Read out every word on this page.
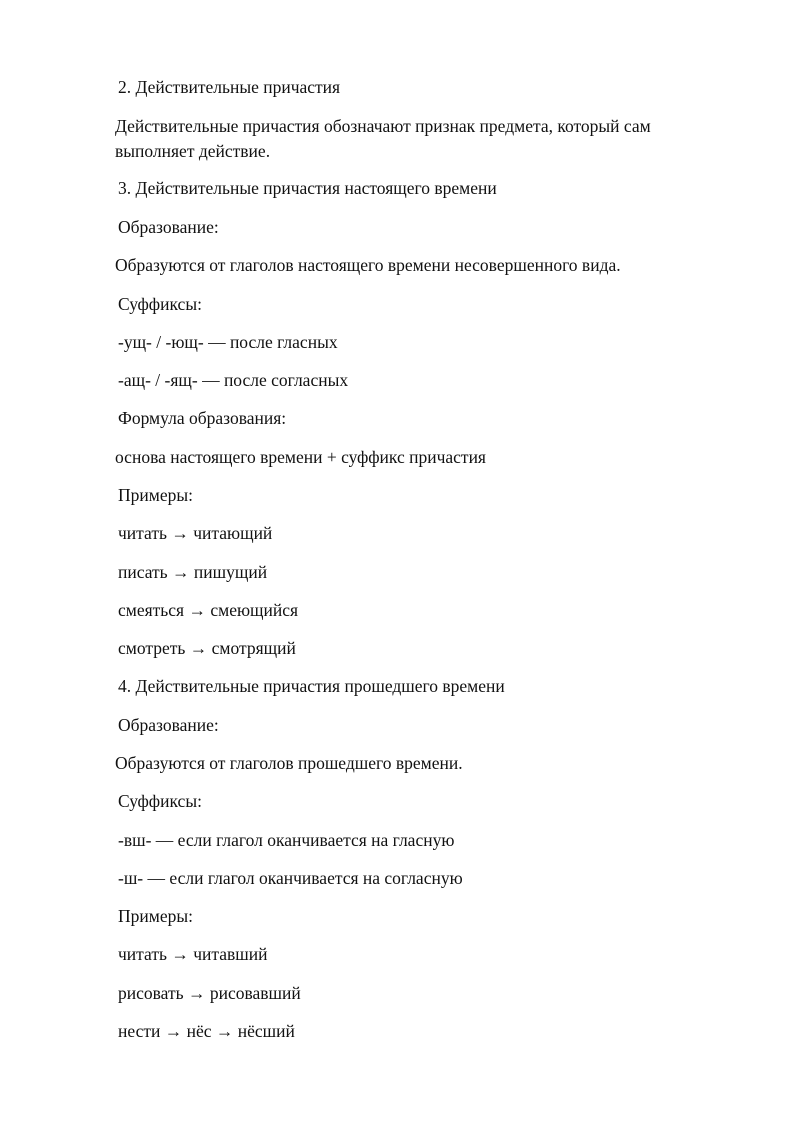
2. Действительные причастия
Действительные причастия обозначают признак предмета, который сам выполняет действие.
3. Действительные причастия настоящего времени
Образование:
Образуются от глаголов настоящего времени несовершенного вида.
Суффиксы:
-ущ- / -ющ- — после гласных
-ащ- / -ящ- — после согласных
Формула образования:
основа настоящего времени + суффикс причастия
Примеры:
читать → читающий
писать → пишущий
смеяться → смеющийся
смотреть → смотрящий
4. Действительные причастия прошедшего времени
Образование:
Образуются от глаголов прошедшего времени.
Суффиксы:
-вш- — если глагол оканчивается на гласную
-ш- — если глагол оканчивается на согласную
Примеры:
читать → читавший
рисовать → рисовавший
нести → нёс → нёсший
